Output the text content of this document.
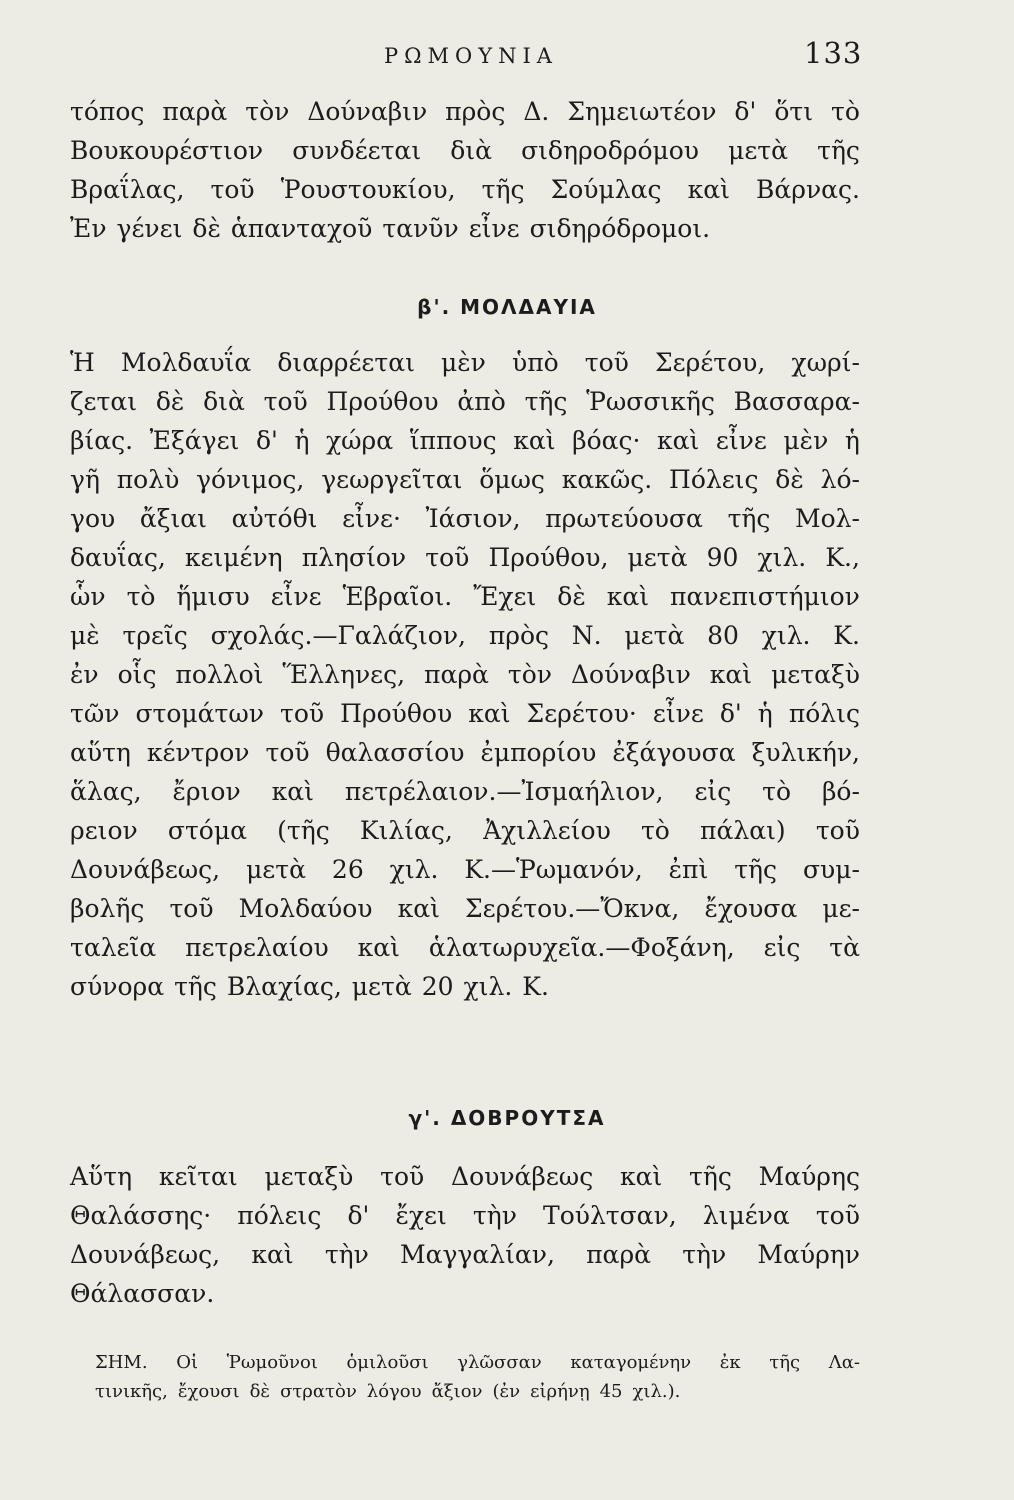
ΡΩΜΟΥΝΙΑ	133
τόπος παρὰ τὸν Δούναβιν πρὸς Δ. Σημειωτέον δ' ὅτι τὸ
Βουκουρέστιον συνδέεται διὰ σιδηροδρόμου μετὰ τῆς
Βραΐλας, τοῦ Ῥουστουκίου, τῆς Σούμλας καὶ Βάρνας.
Ἐν γένει δὲ ἁπανταχοῦ τανῦν εἶνε σιδηρόδρομοι.
β'. ΜΟΛΔΑΥΙΑ
Ἡ Μολδαυΐα διαρρέεται μὲν ὑπὸ τοῦ Σερέτου, χωρί-
ζεται δὲ διὰ τοῦ Προύθου ἀπὸ τῆς Ῥωσσικῆς Βασσαρα-
βίας. Ἐξάγει δ' ἡ χώρα ἵππους καὶ βόας· καὶ εἶνε μὲν ἡ
γῆ πολὺ γόνιμος, γεωργεῖται ὅμως κακῶς. Πόλεις δὲ λό-
γου ἄξιαι αὐτόθι εἶνε· Ἰάσιον, πρωτεύουσα τῆς Μολ-
δαυΐας, κειμένη πλησίον τοῦ Προύθου, μετὰ 90 χιλ. Κ.,
ὧν τὸ ἥμισυ εἶνε Ἑβραῖοι. Ἔχει δὲ καὶ πανεπιστήμιον
μὲ τρεῖς σχολάς.—Γαλάζιον, πρὸς Ν. μετὰ 80 χιλ. Κ.
ἐν οἷς πολλοὶ Ἕλληνες, παρὰ τὸν Δούναβιν καὶ μεταξὺ
τῶν στομάτων τοῦ Προύθου καὶ Σερέτου· εἶνε δ' ἡ πόλις
αὕτη κέντρον τοῦ θαλασσίου ἐμπορίου ἐξάγουσα ξυλικήν,
ἅλας, ἔριον καὶ πετρέλαιον.—Ἰσμαήλιον, εἰς τὸ βό-
ρειον στόμα (τῆς Κιλίας, Ἀχιλλείου τὸ πάλαι) τοῦ
Δουνάβεως, μετὰ 26 χιλ. Κ.—Ῥωμανόν, ἐπὶ τῆς συμ-
βολῆς τοῦ Μολδαύου καὶ Σερέτου.—Ὄκνα, ἔχουσα με-
ταλεῖα πετρελαίου καὶ ἁλατωρυχεῖα.—Φοξάνη, εἰς τὰ
σύνορα τῆς Βλαχίας, μετὰ 20 χιλ. Κ.
γ'. ΔΟΒΡΟΥΤΣΑ
Αὕτη κεῖται μεταξὺ τοῦ Δουνάβεως καὶ τῆς Μαύρης
Θαλάσσης· πόλεις δ' ἔχει τὴν Τούλτσαν, λιμένα τοῦ
Δουνάβεως, καὶ τὴν Μαγγαλίαν, παρὰ τὴν Μαύρην
Θάλασσαν.
ΣΗΜ. Οἱ Ῥωμοῦνοι ὁμιλοῦσι γλῶσσαν καταγομένην ἐκ τῆς Λα-
τινικῆς, ἔχουσι δὲ στρατὸν λόγου ἄξιον (ἐν εἰρήνῃ 45 χιλ.).
